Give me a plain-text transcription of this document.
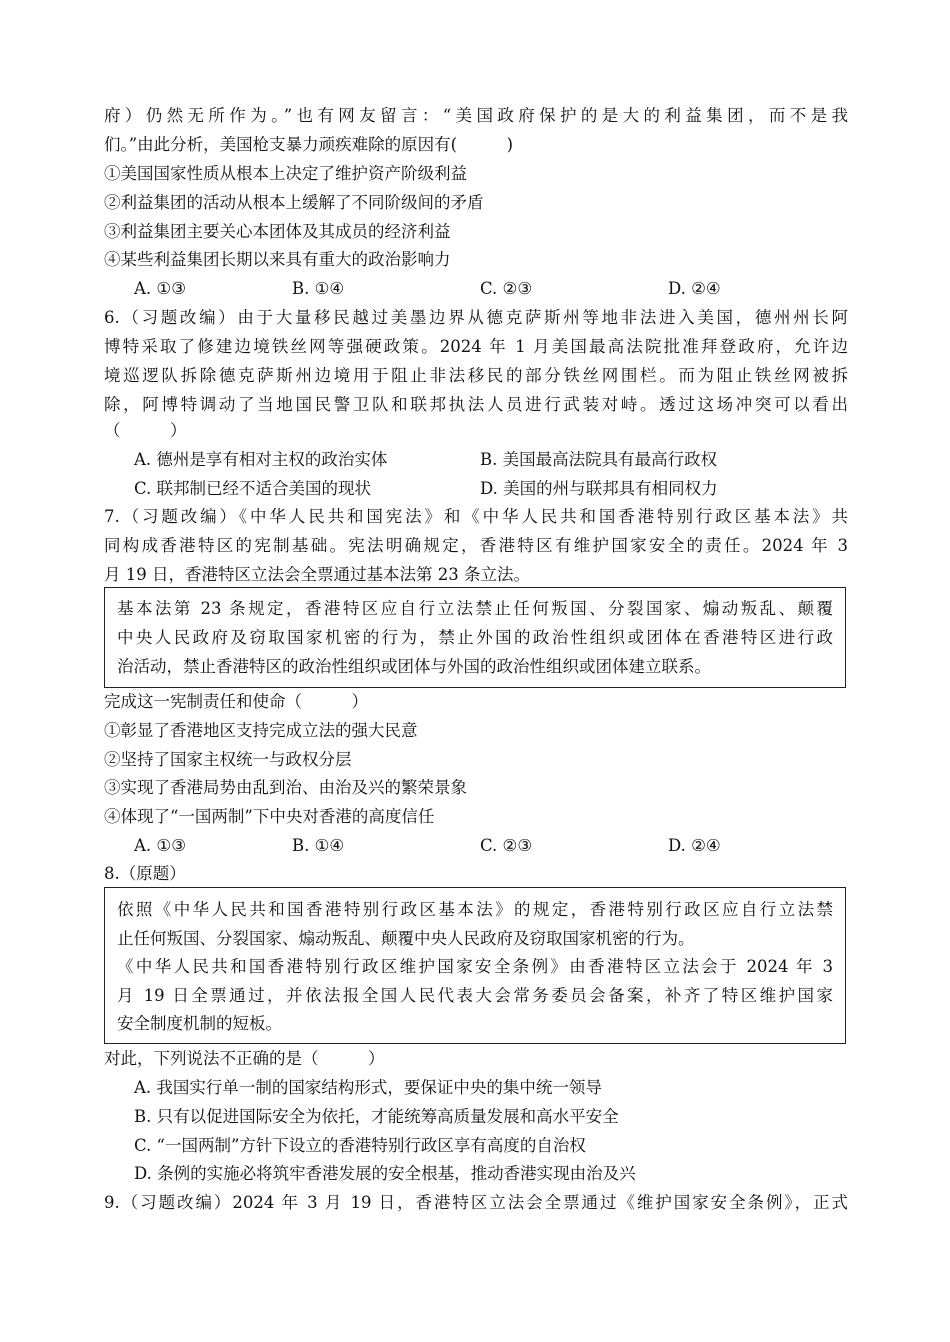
府）仍然无所作为。”也有网友留言：“美国政府保护的是大的利益集团，而不是我
们。”由此分析，美国枪支暴力顽疾难除的原因有(　　　)
①美国国家性质从根本上决定了维护资产阶级利益
②利益集团的活动从根本上缓解了不同阶级间的矛盾
③利益集团主要关心本团体及其成员的经济利益
④某些利益集团长期以来具有重大的政治影响力
A. ①③	B. ①④	C. ②③	D. ②④
6.（习题改编）由于大量移民越过美墨边界从德克萨斯州等地非法进入美国，德州州长阿
博特采取了修建边境铁丝网等强硬政策。2024 年 1 月美国最高法院批准拜登政府，允许边
境巡逻队拆除德克萨斯州边境用于阻止非法移民的部分铁丝网围栏。而为阻止铁丝网被拆
除，阿博特调动了当地国民警卫队和联邦执法人员进行武装对峙。透过这场冲突可以看出
（　　　）
A. 德州是享有相对主权的政治实体	B. 美国最高法院具有最高行政权
C. 联邦制已经不适合美国的现状	D. 美国的州与联邦具有相同权力
7.（习题改编）《中华人民共和国宪法》和《中华人民共和国香港特别行政区基本法》共
同构成香港特区的宪制基础。宪法明确规定，香港特区有维护国家安全的责任。2024 年 3
月 19 日，香港特区立法会全票通过基本法第 23 条立法。
基本法第 23 条规定，香港特区应自行立法禁止任何叛国、分裂国家、煽动叛乱、颠覆
中央人民政府及窃取国家机密的行为，禁止外国的政治性组织或团体在香港特区进行政
治活动，禁止香港特区的政治性组织或团体与外国的政治性组织或团体建立联系。
完成这一宪制责任和使命（　　　）
①彰显了香港地区支持完成立法的强大民意
②坚持了国家主权统一与政权分层
③实现了香港局势由乱到治、由治及兴的繁荣景象
④体现了“一国两制”下中央对香港的高度信任
A. ①③	B. ①④	C. ②③	D. ②④
8.（原题）
依照《中华人民共和国香港特别行政区基本法》的规定，香港特别行政区应自行立法禁
止任何叛国、分裂国家、煽动叛乱、颠覆中央人民政府及窃取国家机密的行为。
《中华人民共和国香港特别行政区维护国家安全条例》由香港特区立法会于 2024 年 3
月 19 日全票通过，并依法报全国人民代表大会常务委员会备案，补齐了特区维护国家
安全制度机制的短板。
对此，下列说法不正确的是（　　　）
A. 我国实行单一制的国家结构形式，要保证中央的集中统一领导
B. 只有以促进国际安全为依托，才能统筹高质量发展和高水平安全
C. “一国两制”方针下设立的香港特别行政区享有高度的自治权
D. 条例的实施必将筑牢香港发展的安全根基，推动香港实现由治及兴
9.（习题改编）2024 年 3 月 19 日，香港特区立法会全票通过《维护国家安全条例》，正式
